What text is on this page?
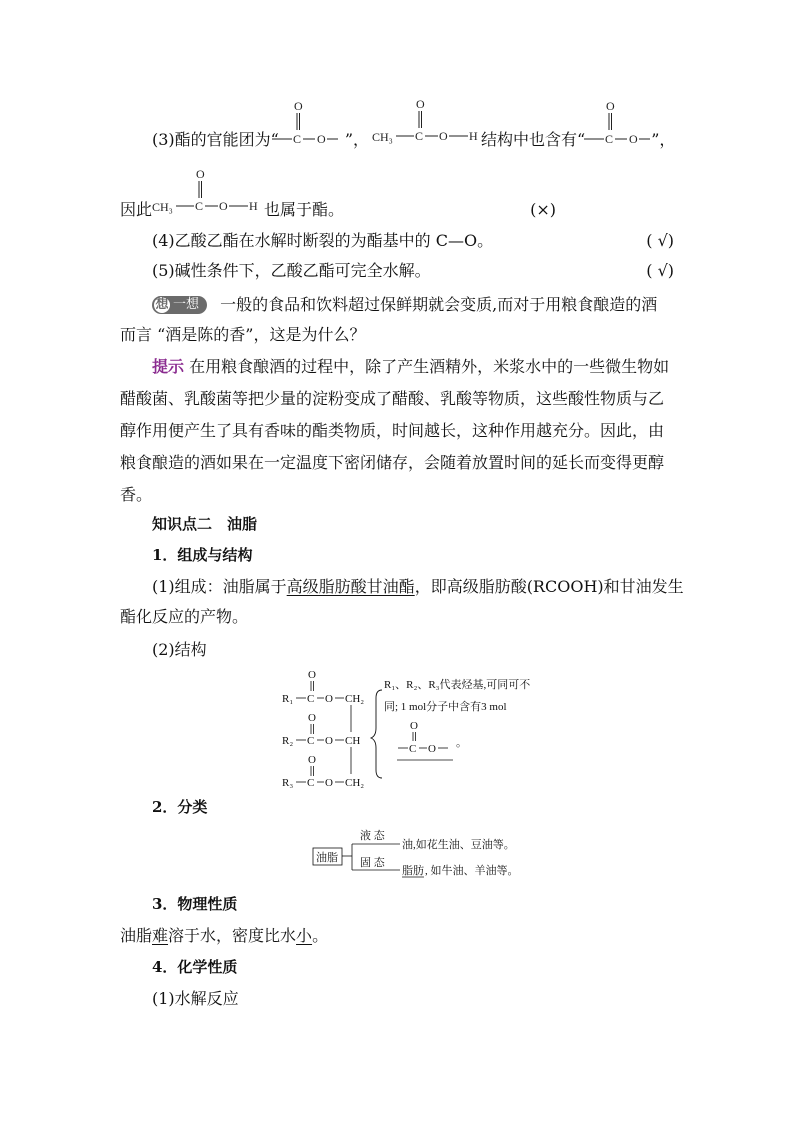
(3)酯的官能团为“	”，	结构中也含有“	”，
O
C O
O
CH₃ C O H
O
C O
因此	也属于酯。	(×)
O
CH₃ C O H
(4)乙酸乙酯在水解时断裂的为酯基中的 C—O。	( √)
(5)碱性条件下，乙酸乙酯可完全水解。	( √)
想 一想 一般的食品和饮料超过保鲜期就会变质,而对于用粮食酿造的酒
而言 “酒是陈的香”，这是为什么？
提示 在用粮食酿酒的过程中，除了产生酒精外，米浆水中的一些微生物如
醋酸菌、乳酸菌等把少量的淀粉变成了醋酸、乳酸等物质，这些酸性物质与乙
醇作用便产生了具有香味的酯类物质，时间越长，这种作用越充分。因此，由
粮食酿造的酒如果在一定温度下密闭储存，会随着放置时间的延长而变得更醇
香。
知识点二　油脂
1．组成与结构
(1)组成：油脂属于高级脂肪酸甘油酯，即高级脂肪酸(RCOOH)和甘油发生
酯化反应的产物。
(2)结构
O
R₁ C O CH₂
O
R₂ C O CH
O
R₃ C O CH₂
R₁、R₂、R₃代表烃基,可同可不
同; 1 mol分子中含有3 mol
O
C O 。
2．分类
油脂
液 态
固 态
油,如花生油、豆油等。
脂肪 , 如牛油、羊油等。
3．物理性质
油脂难溶于水，密度比水小。
4．化学性质
(1)水解反应
